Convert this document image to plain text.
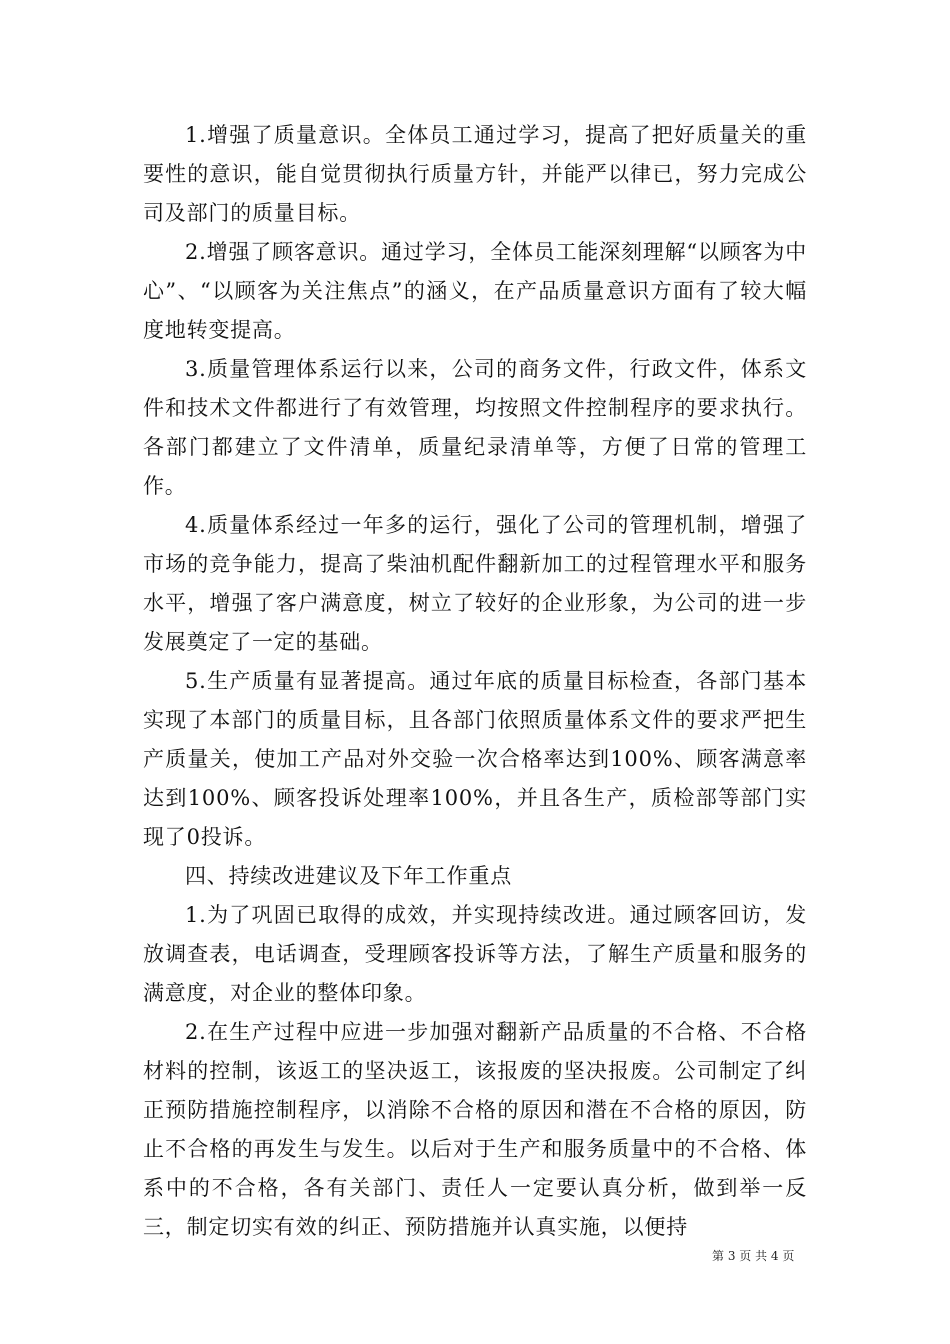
1.增强了质量意识。全体员工通过学习，提高了把好质量关的重要性的意识，能自觉贯彻执行质量方针，并能严以律已，努力完成公司及部门的质量目标。

2.增强了顾客意识。通过学习，全体员工能深刻理解“以顾客为中心”、“以顾客为关注焦点”的涵义，在产品质量意识方面有了较大幅度地转变提高。

3.质量管理体系运行以来，公司的商务文件，行政文件，体系文件和技术文件都进行了有效管理，均按照文件控制程序的要求执行。各部门都建立了文件清单，质量纪录清单等，方便了日常的管理工作。

4.质量体系经过一年多的运行，强化了公司的管理机制，增强了市场的竞争能力，提高了柴油机配件翻新加工的过程管理水平和服务水平，增强了客户满意度，树立了较好的企业形象，为公司的进一步发展奠定了一定的基础。

5.生产质量有显著提高。通过年底的质量目标检查，各部门基本实现了本部门的质量目标，且各部门依照质量体系文件的要求严把生产质量关，使加工产品对外交验一次合格率达到100%、顾客满意率达到100%、顾客投诉处理率100%，并且各生产，质检部等部门实现了0投诉。

四、持续改进建议及下年工作重点

1.为了巩固已取得的成效，并实现持续改进。通过顾客回访，发放调查表，电话调查，受理顾客投诉等方法，了解生产质量和服务的满意度，对企业的整体印象。

2.在生产过程中应进一步加强对翻新产品质量的不合格、不合格材料的控制，该返工的坚决返工，该报废的坚决报废。公司制定了纠正预防措施控制程序，以消除不合格的原因和潜在不合格的原因，防止不合格的再发生与发生。以后对于生产和服务质量中的不合格、体系中的不合格，各有关部门、责任人一定要认真分析，做到举一反三，制定切实有效的纠正、预防措施并认真实施，以便持

第 3 页 共 4 页
